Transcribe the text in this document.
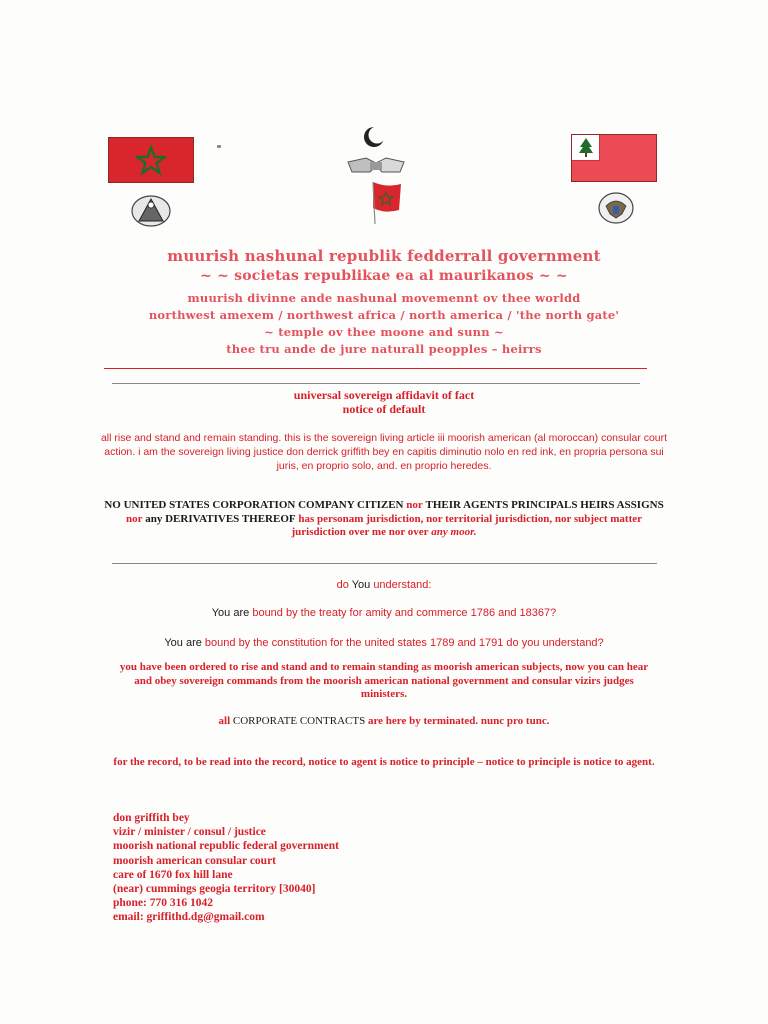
muurish nashunal republik fedderrall government
~ ~ societas republikae ea al maurikanos ~ ~
muurish divinne ande nashunal movemennt ov thee worldd
northwest amexem / northwest africa / north america / 'the north gate'
~ temple ov thee moone and sunn ~
thee tru ande de jure naturall peopples – heirrs
universal sovereign affidavit of fact
notice of default
all rise and stand and remain standing. this is the sovereign living article iii moorish american (al moroccan) consular court action. i am the sovereign living justice don derrick griffith bey en capitis diminutio nolo en red ink, en propria persona sui juris, en proprio solo, and. en proprio heredes.
NO UNITED STATES CORPORATION COMPANY CITIZEN nor THEIR AGENTS PRINCIPALS HEIRS ASSIGNS nor any DERIVATIVES THEREOF has personam jurisdiction, nor territorial jurisdiction, nor subject matter jurisdiction over me nor over any moor.
do You understand:
You are bound by the treaty for amity and commerce 1786 and 18367?
You are bound by the constitution for the united states 1789 and 1791 do you understand?
you have been ordered to rise and stand and to remain standing as moorish american subjects, now you can hear and obey sovereign commands from the moorish american national government and consular vizirs judges ministers.
all CORPORATE CONTRACTS are here by terminated. nunc pro tunc.
for the record, to be read into the record, notice to agent is notice to principle – notice to principle is notice to agent.
don griffith bey
vizir / minister / consul / justice
moorish national republic federal government
moorish american consular court
care of 1670 fox hill lane
(near) cummings geogia territory [30040]
phone: 770 316 1042
email: griffithd.dg@gmail.com
